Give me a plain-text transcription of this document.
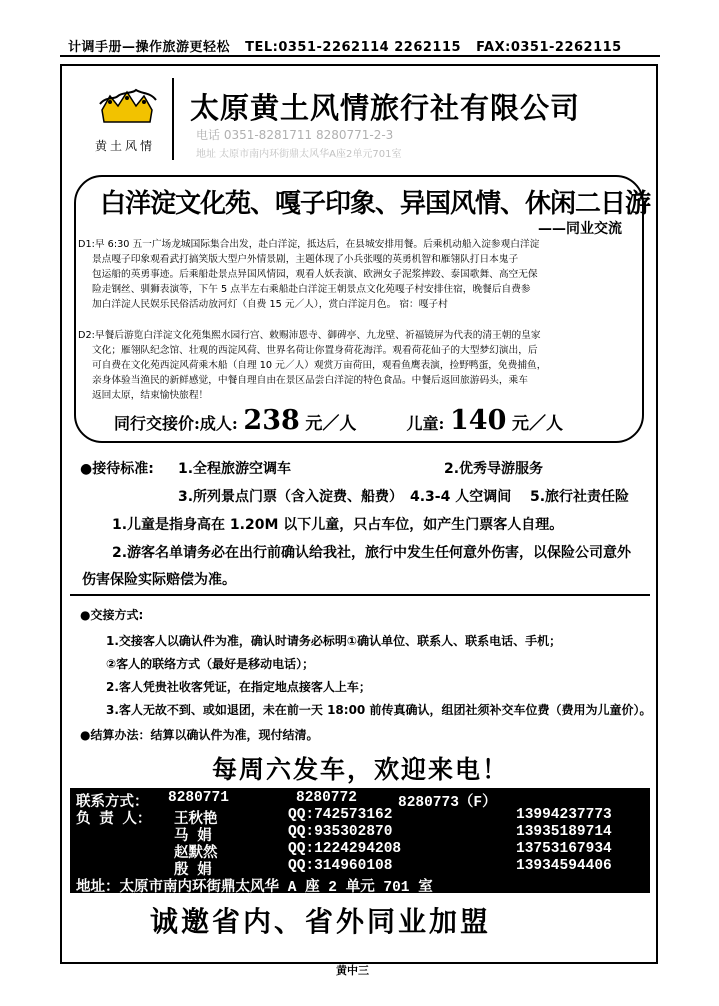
计调手册—操作旅游更轻松 TEL:0351-2262114 2262115 FAX:0351-2262115
黄土风情
太原黄土风情旅行社有限公司
电话 0351-8281711 8280771-2-3
地址 太原市南内环街鼎太风华A座2单元701室
白洋淀文化苑、嘎子印象、异国风情、休闲二日游
——同业交流
D1:早 6:30 五一广场龙城国际集合出发，赴白洋淀，抵达后，在县城安排用餐。后乘机动船入淀参观白洋淀
景点嘎子印象观看武打搞笑版大型户外情景剧，主题体现了小兵张嘎的英勇机智和雁翎队打日本鬼子
包运船的英勇事迹。后乘船赴景点异国风情园，观看人妖表演、欧洲女子泥浆摔跤、泰国歌舞、高空无保
险走钢丝、驯狮表演等，下午 5 点半左右乘船赴白洋淀王朝景点文化苑嘎子村安排住宿，晚餐后自费参
加白洋淀人民娱乐民俗活动放河灯（自费 15 元／人），赏白洋淀月色。 宿：嘎子村
D2:早餐后游览白洋淀文化苑集熙水园行宫、敕赐沛恩寺、御碑亭、九龙壁、祈福镜屏为代表的清王朝的皇家
文化；雁翎队纪念馆、壮观的西淀风荷、世界名荷让你置身荷花海洋。观看荷花仙子的大型梦幻演出，后
可自费在文化苑西淀风荷乘木船（自理 10 元／人）观赏万亩荷田，观看鱼鹰表演，捡野鸭蛋，免费捕鱼，
亲身体验当渔民的新鲜感觉，中餐自理自由在景区品尝白洋淀的特色食品。中餐后返回旅游码头，乘车
返回太原，结束愉快旅程！
同行交接价:成人: 238 元／人	儿童: 140 元／人
●接待标准: 1.全程旅游空调车	2.优秀导游服务
3.所列景点门票（含入淀费、船费） 4.3-4 人空调间 5.旅行社责任险
1.儿童是指身高在 1.20M 以下儿童，只占车位，如产生门票客人自理。
2.游客名单请务必在出行前确认给我社，旅行中发生任何意外伤害，以保险公司意外伤害保险实际赔偿为准。
●交接方式:
1.交接客人以确认件为准，确认时请务必标明①确认单位、联系人、联系电话、手机；
②客人的联络方式（最好是移动电话）；
2.客人凭贵社收客凭证，在指定地点接客人上车；
3.客人无故不到、或如退团，未在前一天 18:00 前传真确认，组团社须补交车位费（费用为儿童价）。
●结算办法：结算以确认件为准，现付结清。
每周六发车，欢迎来电！
联系方式： 8280771	8280772	8280773（F）
负 责 人： 王秋艳	QQ:742573162	13994237773
马 娟	QQ:935302870	13935189714
赵默然	QQ:1224294208	13753167934
殷 娟	QQ:314960108	13934594406
地址：太原市南内环街鼎太风华 A 座 2 单元 701 室
诚邀省内、省外同业加盟
黄中三
